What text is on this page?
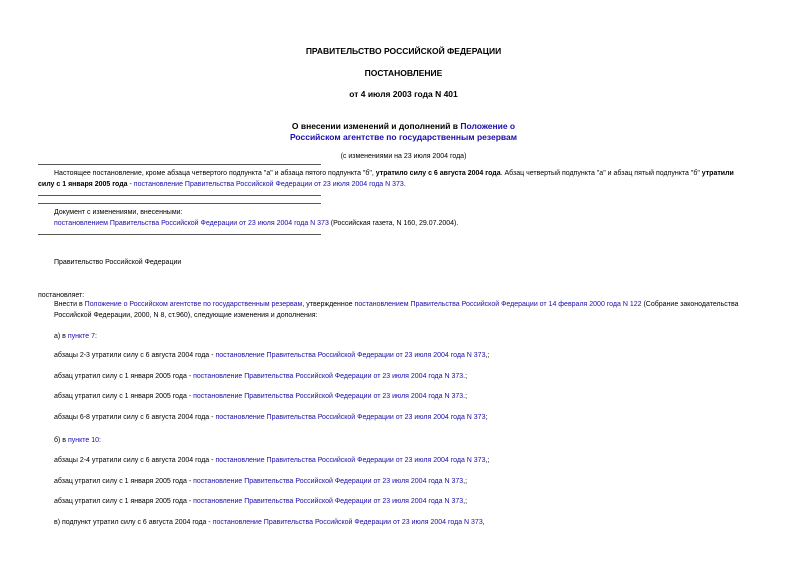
ПРАВИТЕЛЬСТВО РОССИЙСКОЙ ФЕДЕРАЦИИ
ПОСТАНОВЛЕНИЕ
от 4 июля 2003 года N 401
О внесении изменений и дополнений в Положение о
Российском агентстве по государственным резервам
(с изменениями на 23 июля 2004 года)
Настоящее постановление, кроме абзаца четвертого подпункта "а" и абзаца пятого подпункта "б", утратило силу с 6 августа 2004 года. Абзац четвертый подпункта "а" и абзац пятый подпункта "б" утратили
силу с 1 января 2005 года - постановление Правительства Российской Федерации от 23 июля 2004 года N 373.
Документ с изменениями, внесенными:
постановлением Правительства Российской Федерации от 23 июля 2004 года N 373 (Российская газета, N 160, 29.07.2004).
Правительство Российской Федерации
постановляет:
Внести в Положение о Российском агентстве по государственным резервам, утвержденное постановлением Правительства Российской Федерации от 14 февраля 2000 года N 122 (Собрание законодательства Российской Федерации, 2000, N 8, ст.960), следующие изменения и дополнения:
а) в пункте 7:
абзацы 2-3 утратили силу с 6 августа 2004 года - постановление Правительства Российской Федерации от 23 июля 2004 года N 373,;
абзац утратил силу с 1 января 2005 года - постановление Правительства Российской Федерации от 23 июля 2004 года N 373.;
абзац утратил силу с 1 января 2005 года - постановление Правительства Российской Федерации от 23 июля 2004 года N 373.;
абзацы 6-8 утратили силу с 6 августа 2004 года - постановление Правительства Российской Федерации от 23 июля 2004 года N 373;
б) в пункте 10:
абзацы 2-4 утратили силу с 6 августа 2004 года - постановление Правительства Российской Федерации от 23 июля 2004 года N 373,;
абзац утратил силу с 1 января 2005 года - постановление Правительства Российской Федерации от 23 июля 2004 года N 373,;
абзац утратил силу с 1 января 2005 года - постановление Правительства Российской Федерации от 23 июля 2004 года N 373,;
в) подпункт утратил силу с 6 августа 2004 года - постановление Правительства Российской Федерации от 23 июля 2004 года N 373,
